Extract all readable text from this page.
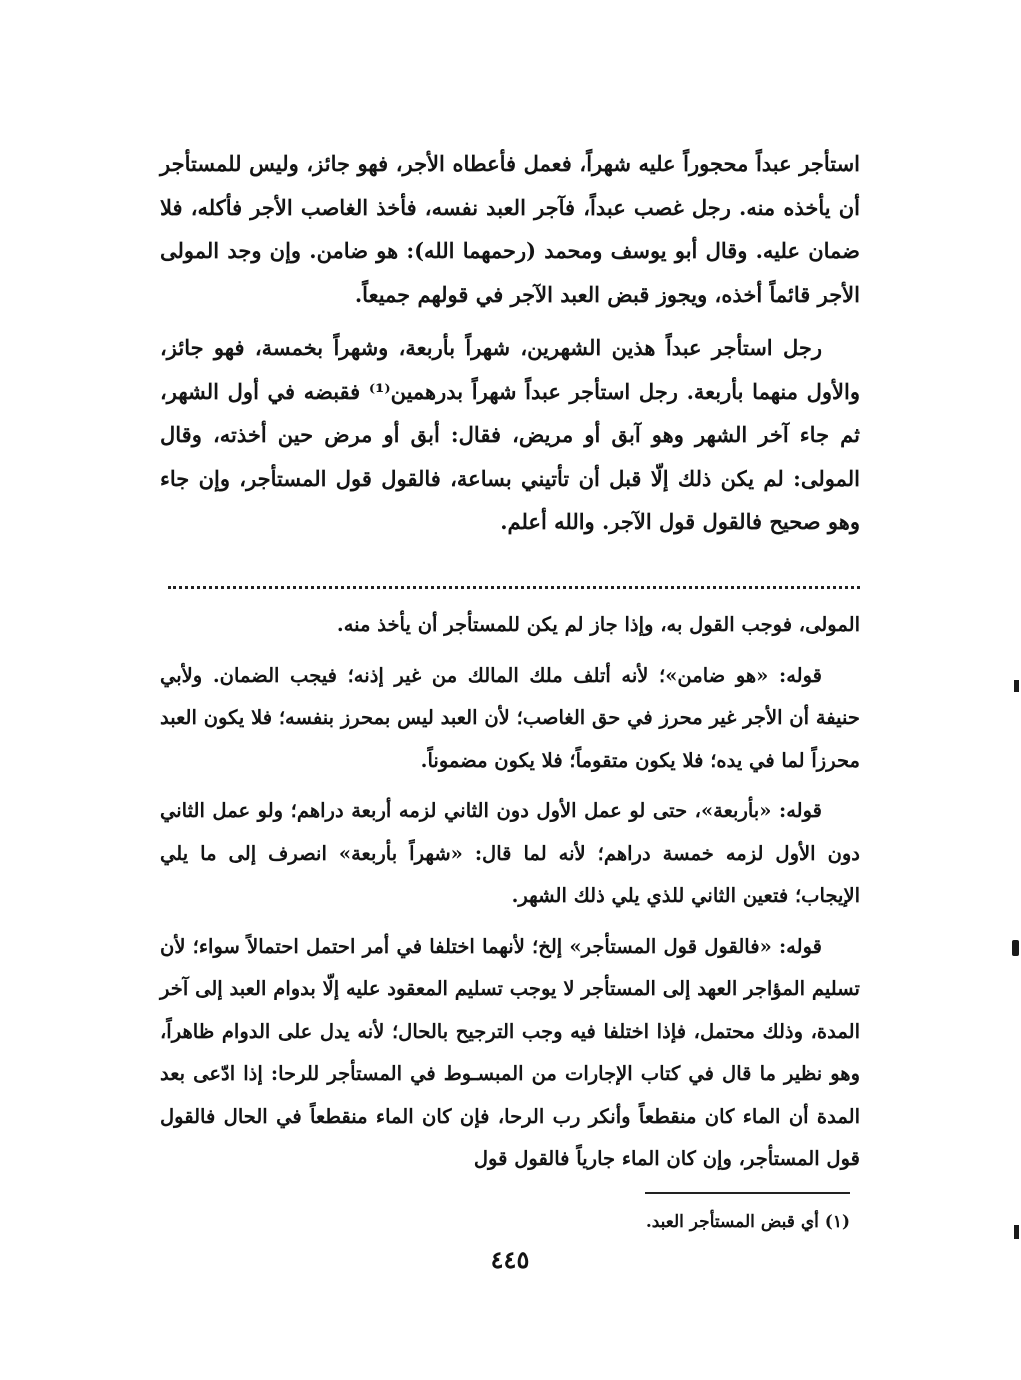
استأجر عبداً محجوراً عليه شهراً، فعمل فأعطاه الأجر، فهو جائز، وليس للمستأجر أن يأخذه منه. رجل غصب عبداً، فآجر العبد نفسه، فأخذ الغاصب الأجر فأكله، فلا ضمان عليه. وقال أبو يوسف ومحمد (رحمهما الله): هو ضامن. وإن وجد المولى الأجر قائماً أخذه، ويجوز قبض العبد الآجر في قولهم جميعاً.

رجل استأجر عبداً هذين الشهرين، شهراً بأربعة، وشهراً بخمسة، فهو جائز، والأول منهما بأربعة. رجل استأجر عبداً شهراً بدرهمين⁽¹⁾ فقبضه في أول الشهر، ثم جاء آخر الشهر وهو آبق أو مريض، فقال: أبق أو مرض حين أخذته، وقال المولى: لم يكن ذلك إلّا قبل أن تأتيني بساعة، فالقول قول المستأجر، وإن جاء وهو صحيح فالقول قول الآجر. والله أعلم.

المولى، فوجب القول به، وإذا جاز لم يكن للمستأجر أن يأخذ منه.

قوله: «هو ضامن»؛ لأنه أتلف ملك المالك من غير إذنه؛ فيجب الضمان. ولأبي حنيفة أن الأجر غير محرز في حق الغاصب؛ لأن العبد ليس بمحرز بنفسه؛ فلا يكون العبد محرزاً لما في يده؛ فلا يكون متقوماً؛ فلا يكون مضموناً.

قوله: «بأربعة»، حتى لو عمل الأول دون الثاني لزمه أربعة دراهم؛ ولو عمل الثاني دون الأول لزمه خمسة دراهم؛ لأنه لما قال: «شهراً بأربعة» انصرف إلى ما يلي الإيجاب؛ فتعين الثاني للذي يلي ذلك الشهر.

قوله: «فالقول قول المستأجر» إلخ؛ لأنهما اختلفا في أمر احتمل احتمالاً سواء؛ لأن تسليم المؤاجر العهد إلى المستأجر لا يوجب تسليم المعقود عليه إلّا بدوام العبد إلى آخر المدة، وذلك محتمل، فإذا اختلفا فيه وجب الترجيح بالحال؛ لأنه يدل على الدوام ظاهراً، وهو نظير ما قال في كتاب الإجارات من المبسـوط في المستأجر للرحا: إذا ادّعى بعد المدة أن الماء كان منقطعاً وأنكر رب الرحا، فإن كان الماء منقطعاً في الحال فالقول قول المستأجر، وإن كان الماء جارياً فالقول قول

(١) أي قبض المستأجر العبد.
٤٤٥
